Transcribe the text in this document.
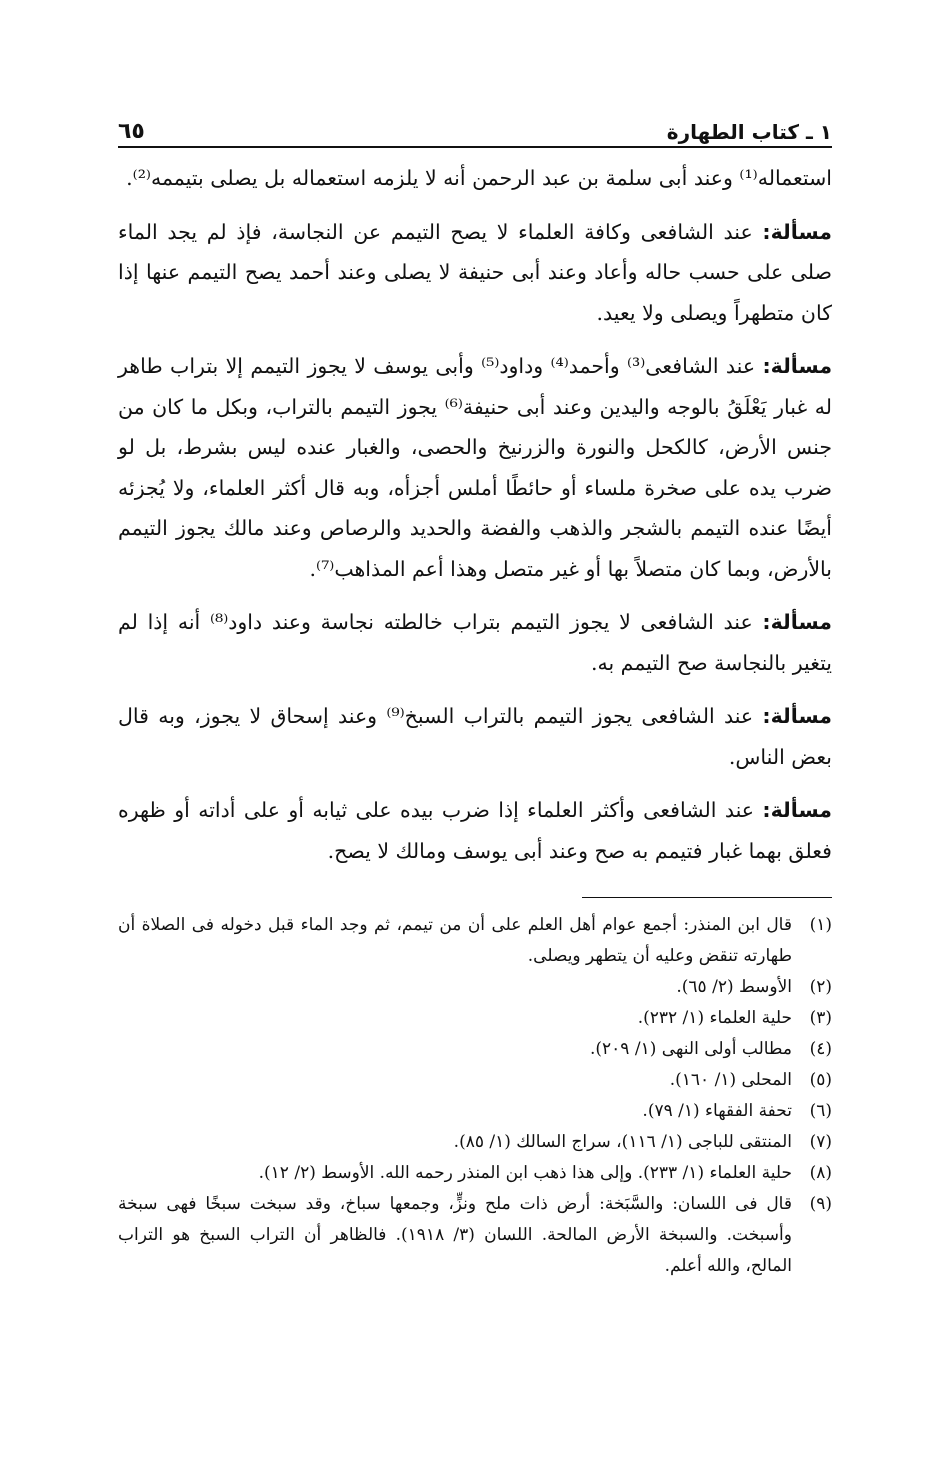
١ ـ كتاب الطهارة
٦٥

استعماله⁽¹⁾ وعند أبى سلمة بن عبد الرحمن أنه لا يلزمه استعماله بل يصلى بتيممه⁽²⁾.

مسألة: عند الشافعى وكافة العلماء لا يصح التيمم عن النجاسة، فإذ لم يجد الماء صلى على حسب حاله وأعاد وعند أبى حنيفة لا يصلى وعند أحمد يصح التيمم عنها إذا كان متطهراً ويصلى ولا يعيد.

مسألة: عند الشافعى⁽³⁾ وأحمد⁽⁴⁾ وداود⁽⁵⁾ وأبى يوسف لا يجوز التيمم إلا بتراب طاهر له غبار يَعْلَقُ بالوجه واليدين وعند أبى حنيفة⁽⁶⁾ يجوز التيمم بالتراب، وبكل ما كان من جنس الأرض، كالكحل والنورة والزرنيخ والحصى، والغبار عنده ليس بشرط، بل لو ضرب يده على صخرة ملساء أو حائطًا أملس أجزأه، وبه قال أكثر العلماء، ولا يُجزئه أيضًا عنده التيمم بالشجر والذهب والفضة والحديد والرصاص وعند مالك يجوز التيمم بالأرض، وبما كان متصلاً بها أو غير متصل وهذا أعم المذاهب⁽⁷⁾.

مسألة: عند الشافعى لا يجوز التيمم بتراب خالطته نجاسة وعند داود⁽⁸⁾ أنه إذا لم يتغير بالنجاسة صح التيمم به.

مسألة: عند الشافعى يجوز التيمم بالتراب السبخ⁽⁹⁾ وعند إسحاق لا يجوز، وبه قال بعض الناس.

مسألة: عند الشافعى وأكثر العلماء إذا ضرب بيده على ثيابه أو على أداته أو ظهره فعلق بهما غبار فتيمم به صح وعند أبى يوسف ومالك لا يصح.

(١)
قال ابن المنذر: أجمع عوام أهل العلم على أن من تيمم، ثم وجد الماء قبل دخوله فى الصلاة أن طهارته تنقض وعليه أن يتطهر ويصلى.
(٢)
الأوسط (٢/ ٦٥).
(٣)
حلية العلماء (١/ ٢٣٢).
(٤)
مطالب أولى النهى (١/ ٢٠٩).
(٥)
المحلى (١/ ١٦٠).
(٦)
تحفة الفقهاء (١/ ٧٩).
(٧)
المنتقى للباجى (١/ ١١٦)، سراج السالك (١/ ٨٥).
(٨)
حلية العلماء (١/ ٢٣٣). وإلى هذا ذهب ابن المنذر رحمه الله. الأوسط (٢/ ١٢).
(٩)
قال فى اللسان: والسَّبَخة: أرض ذات ملح ونزٍّ، وجمعها سباخ، وقد سبخت سبخًا فهى سبخة وأسبخت. والسبخة الأرض المالحة. اللسان (٣/ ١٩١٨). فالظاهر أن التراب السبخ هو التراب المالح، والله أعلم.
